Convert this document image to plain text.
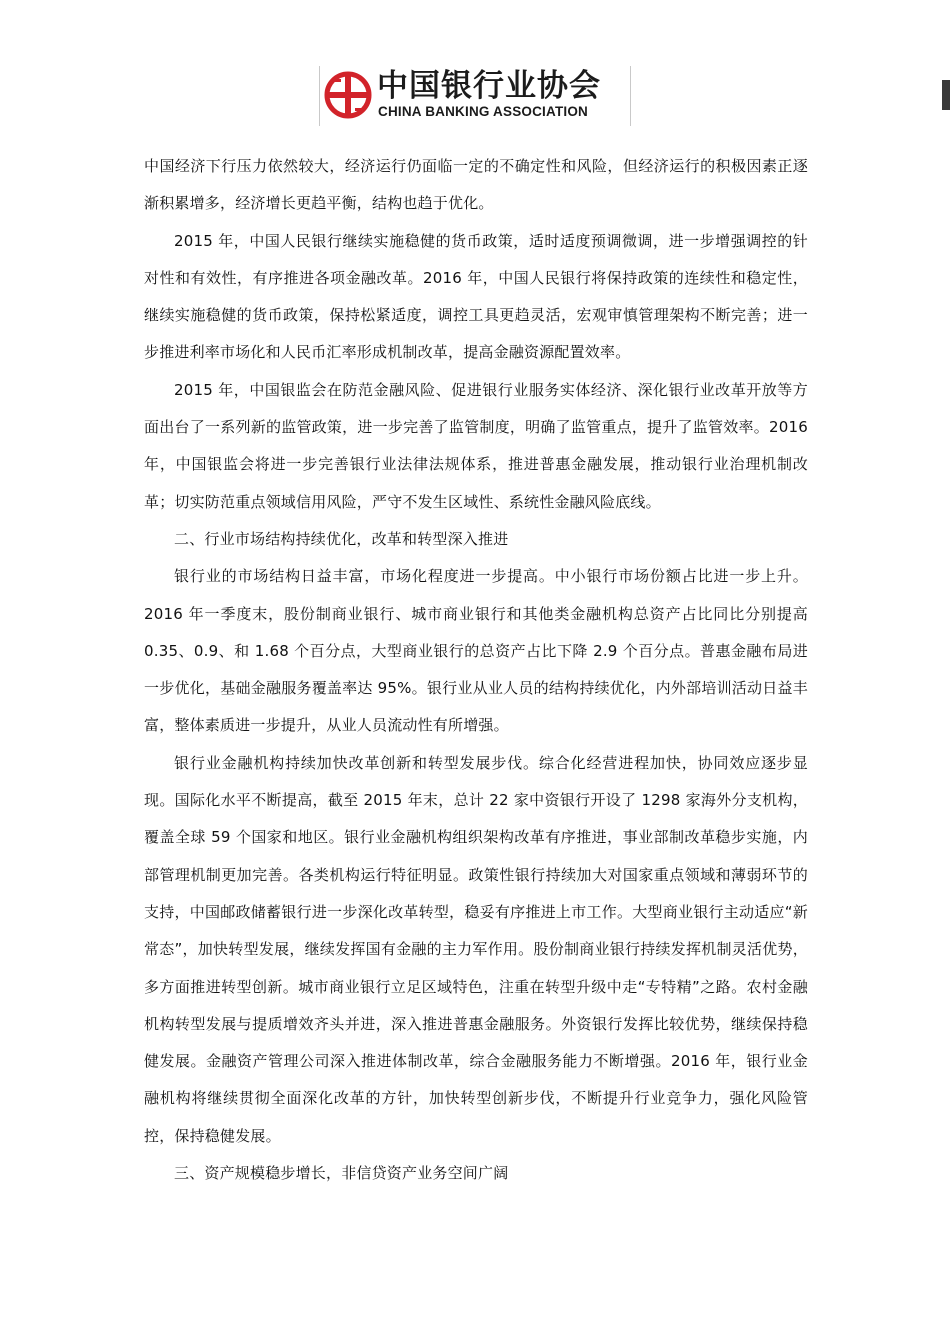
中国银行业协会
CHINA BANKING ASSOCIATION

中国经济下行压力依然较大，经济运行仍面临一定的不确定性和风险，但经济运行的积极因素正逐渐积累增多，经济增长更趋平衡，结构也趋于优化。

2015 年，中国人民银行继续实施稳健的货币政策，适时适度预调微调，进一步增强调控的针对性和有效性，有序推进各项金融改革。2016 年，中国人民银行将保持政策的连续性和稳定性，继续实施稳健的货币政策，保持松紧适度，调控工具更趋灵活，宏观审慎管理架构不断完善；进一步推进利率市场化和人民币汇率形成机制改革，提高金融资源配置效率。

2015 年，中国银监会在防范金融风险、促进银行业服务实体经济、深化银行业改革开放等方面出台了一系列新的监管政策，进一步完善了监管制度，明确了监管重点，提升了监管效率。2016 年，中国银监会将进一步完善银行业法律法规体系，推进普惠金融发展，推动银行业治理机制改革；切实防范重点领域信用风险，严守不发生区域性、系统性金融风险底线。

二、行业市场结构持续优化，改革和转型深入推进

银行业的市场结构日益丰富，市场化程度进一步提高。中小银行市场份额占比进一步上升。2016 年一季度末，股份制商业银行、城市商业银行和其他类金融机构总资产占比同比分别提高 0.35、0.9、和 1.68 个百分点，大型商业银行的总资产占比下降 2.9 个百分点。普惠金融布局进一步优化，基础金融服务覆盖率达 95%。银行业从业人员的结构持续优化，内外部培训活动日益丰富，整体素质进一步提升，从业人员流动性有所增强。

银行业金融机构持续加快改革创新和转型发展步伐。综合化经营进程加快，协同效应逐步显现。国际化水平不断提高，截至 2015 年末，总计 22 家中资银行开设了 1298 家海外分支机构，覆盖全球 59 个国家和地区。银行业金融机构组织架构改革有序推进，事业部制改革稳步实施，内部管理机制更加完善。各类机构运行特征明显。政策性银行持续加大对国家重点领域和薄弱环节的支持，中国邮政储蓄银行进一步深化改革转型，稳妥有序推进上市工作。大型商业银行主动适应“新常态”，加快转型发展，继续发挥国有金融的主力军作用。股份制商业银行持续发挥机制灵活优势，多方面推进转型创新。城市商业银行立足区域特色，注重在转型升级中走“专特精”之路。农村金融机构转型发展与提质增效齐头并进，深入推进普惠金融服务。外资银行发挥比较优势，继续保持稳健发展。金融资产管理公司深入推进体制改革，综合金融服务能力不断增强。2016 年，银行业金融机构将继续贯彻全面深化改革的方针，加快转型创新步伐，不断提升行业竞争力，强化风险管控，保持稳健发展。

三、资产规模稳步增长，非信贷资产业务空间广阔
